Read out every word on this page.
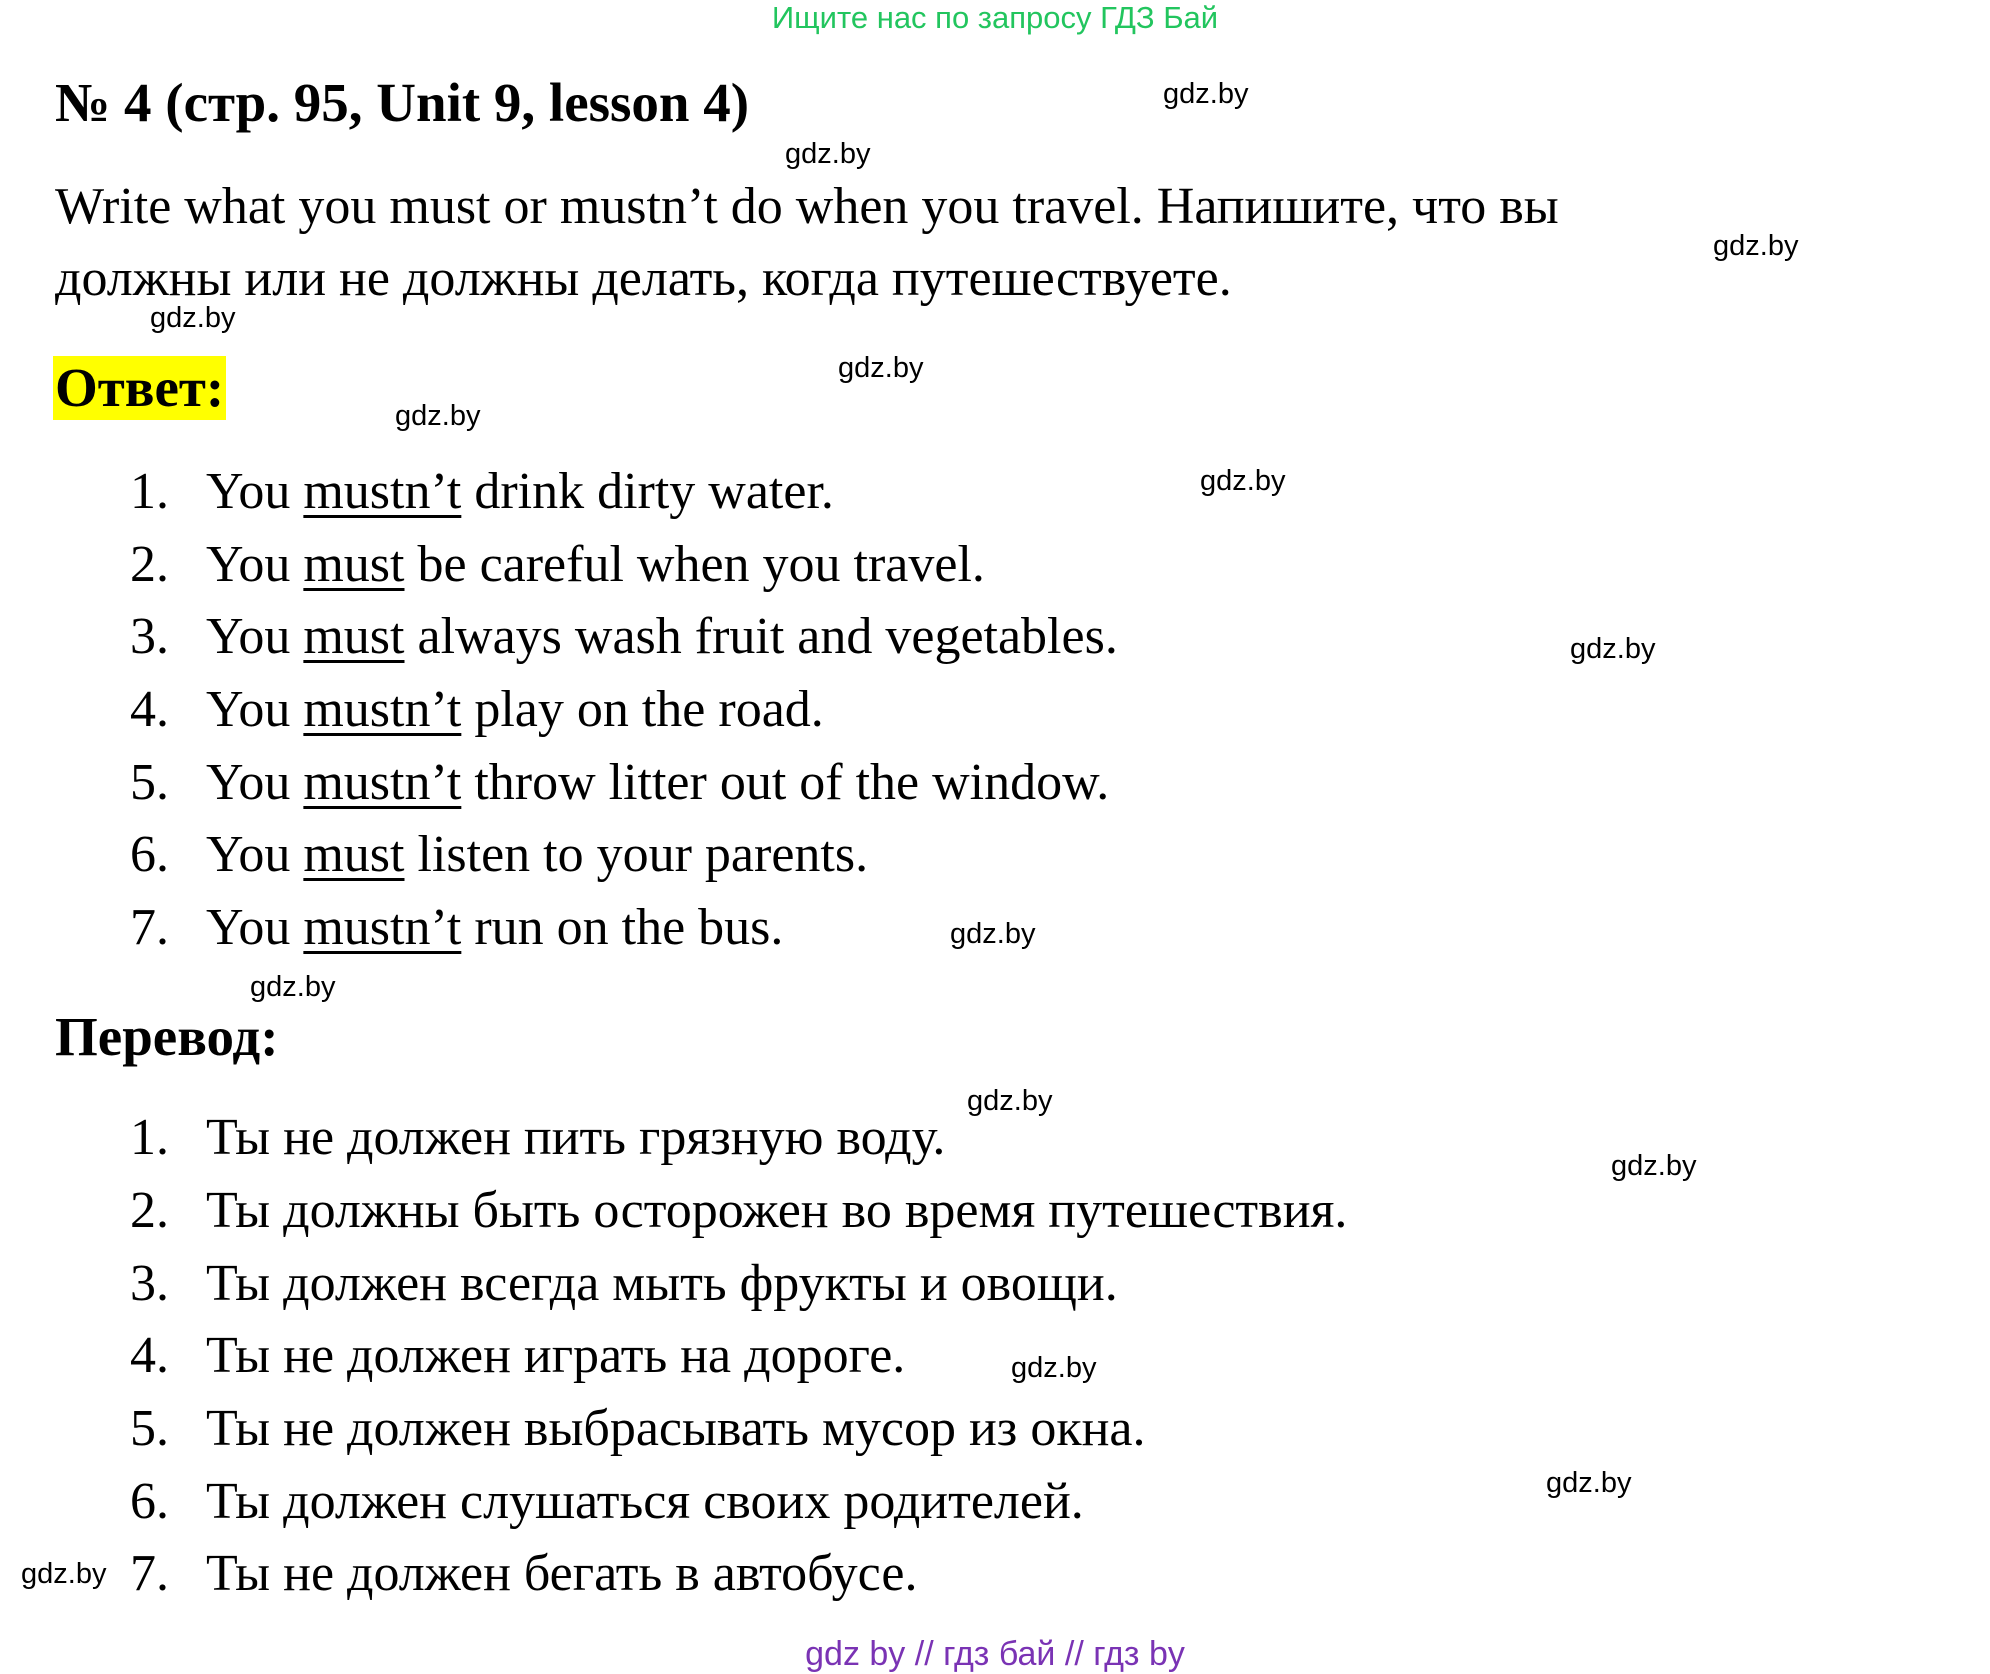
Ищите нас по запросу ГДЗ Бай
№ 4 (стр. 95, Unit 9, lesson 4)
Write what you must or mustn’t do when you travel. Напишите, что вы
должны или не должны делать, когда путешествуете.
Ответ:
1. You mustn’t drink dirty water.
2. You must be careful when you travel.
3. You must always wash fruit and vegetables.
4. You mustn’t play on the road.
5. You mustn’t throw litter out of the window.
6. You must listen to your parents.
7. You mustn’t run on the bus.
Перевод:
1. Ты не должен пить грязную воду.
2. Ты должны быть осторожен во время путешествия.
3. Ты должен всегда мыть фрукты и овощи.
4. Ты не должен играть на дороге.
5. Ты не должен выбрасывать мусор из окна.
6. Ты должен слушаться своих родителей.
7. Ты не должен бегать в автобусе.
gdz.by
gdz.by
gdz.by
gdz.by
gdz.by
gdz.by
gdz.by
gdz.by
gdz.by
gdz.by
gdz.by
gdz.by
gdz.by
gdz.by
gdz.by
gdz by // гдз бай // гдз by
